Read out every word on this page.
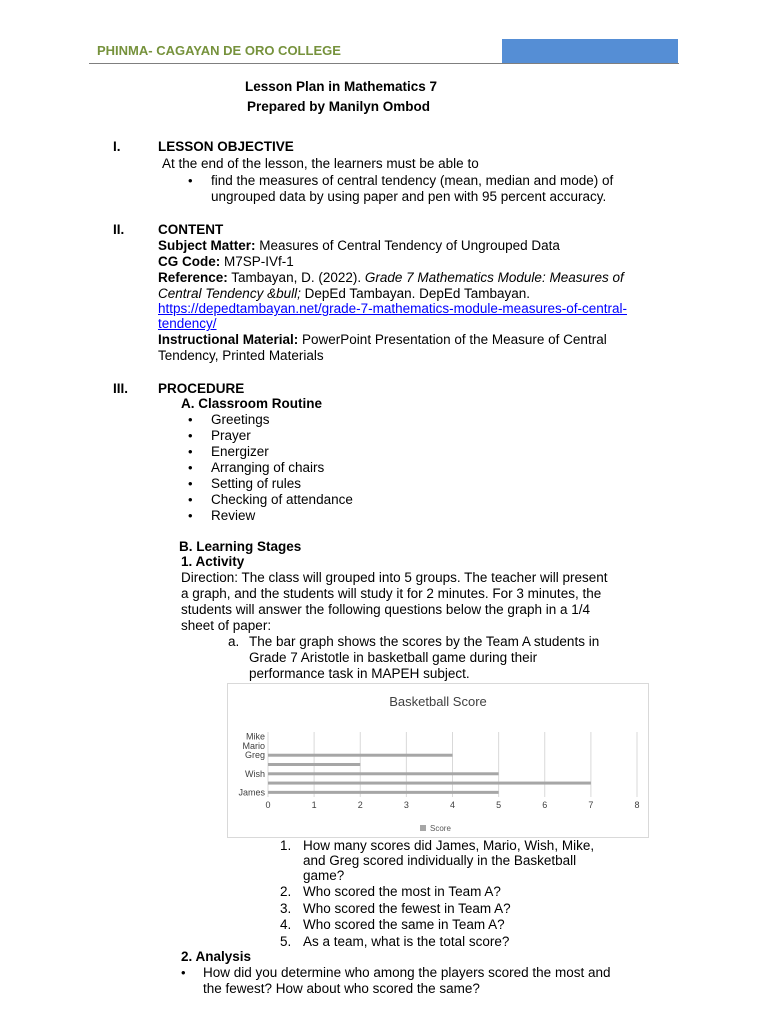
PHINMA- CAGAYAN DE ORO COLLEGE
Lesson Plan in Mathematics 7
Prepared by Manilyn Ombod
I.	LESSON OBJECTIVE
At the end of the lesson, the learners must be able to
• find the measures of central tendency (mean, median and mode) of
ungrouped data by using paper and pen with 95 percent accuracy.
II. CONTENT
Subject Matter: Measures of Central Tendency of Ungrouped Data
CG Code: M7SP-IVf-1
Reference: Tambayan, D. (2022). Grade 7 Mathematics Module: Measures of
Central Tendency &bull; DepEd Tambayan. DepEd Tambayan.
https://depedtambayan.net/grade-7-mathematics-module-measures-of-central-
tendency/
Instructional Material: PowerPoint Presentation of the Measure of Central
Tendency, Printed Materials
III. PROCEDURE
A. Classroom Routine
• Greetings
• Prayer
• Energizer
• Arranging of chairs
• Setting of rules
• Checking of attendance
• Review
B. Learning Stages
1. Activity
Direction: The class will grouped into 5 groups. The teacher will present
a graph, and the students will study it for 2 minutes. For 3 minutes, the
students will answer the following questions below the graph in a 1/4
sheet of paper:
a. The bar graph shows the scores by the Team A students in
Grade 7 Aristotle in basketball game during their
performance task in MAPEH subject.
Basketball Score
0	1	2	3	4	5	6	7	8
James
Wish
Greg
Mario
Mike
Score
1. How many scores did James, Mario, Wish, Mike,
and Greg scored individually in the Basketball
game?
2. Who scored the most in Team A?
3. Who scored the fewest in Team A?
4. Who scored the same in Team A?
5. As a team, what is the total score?
2. Analysis
• How did you determine who among the players scored the most and
the fewest? How about who scored the same?
